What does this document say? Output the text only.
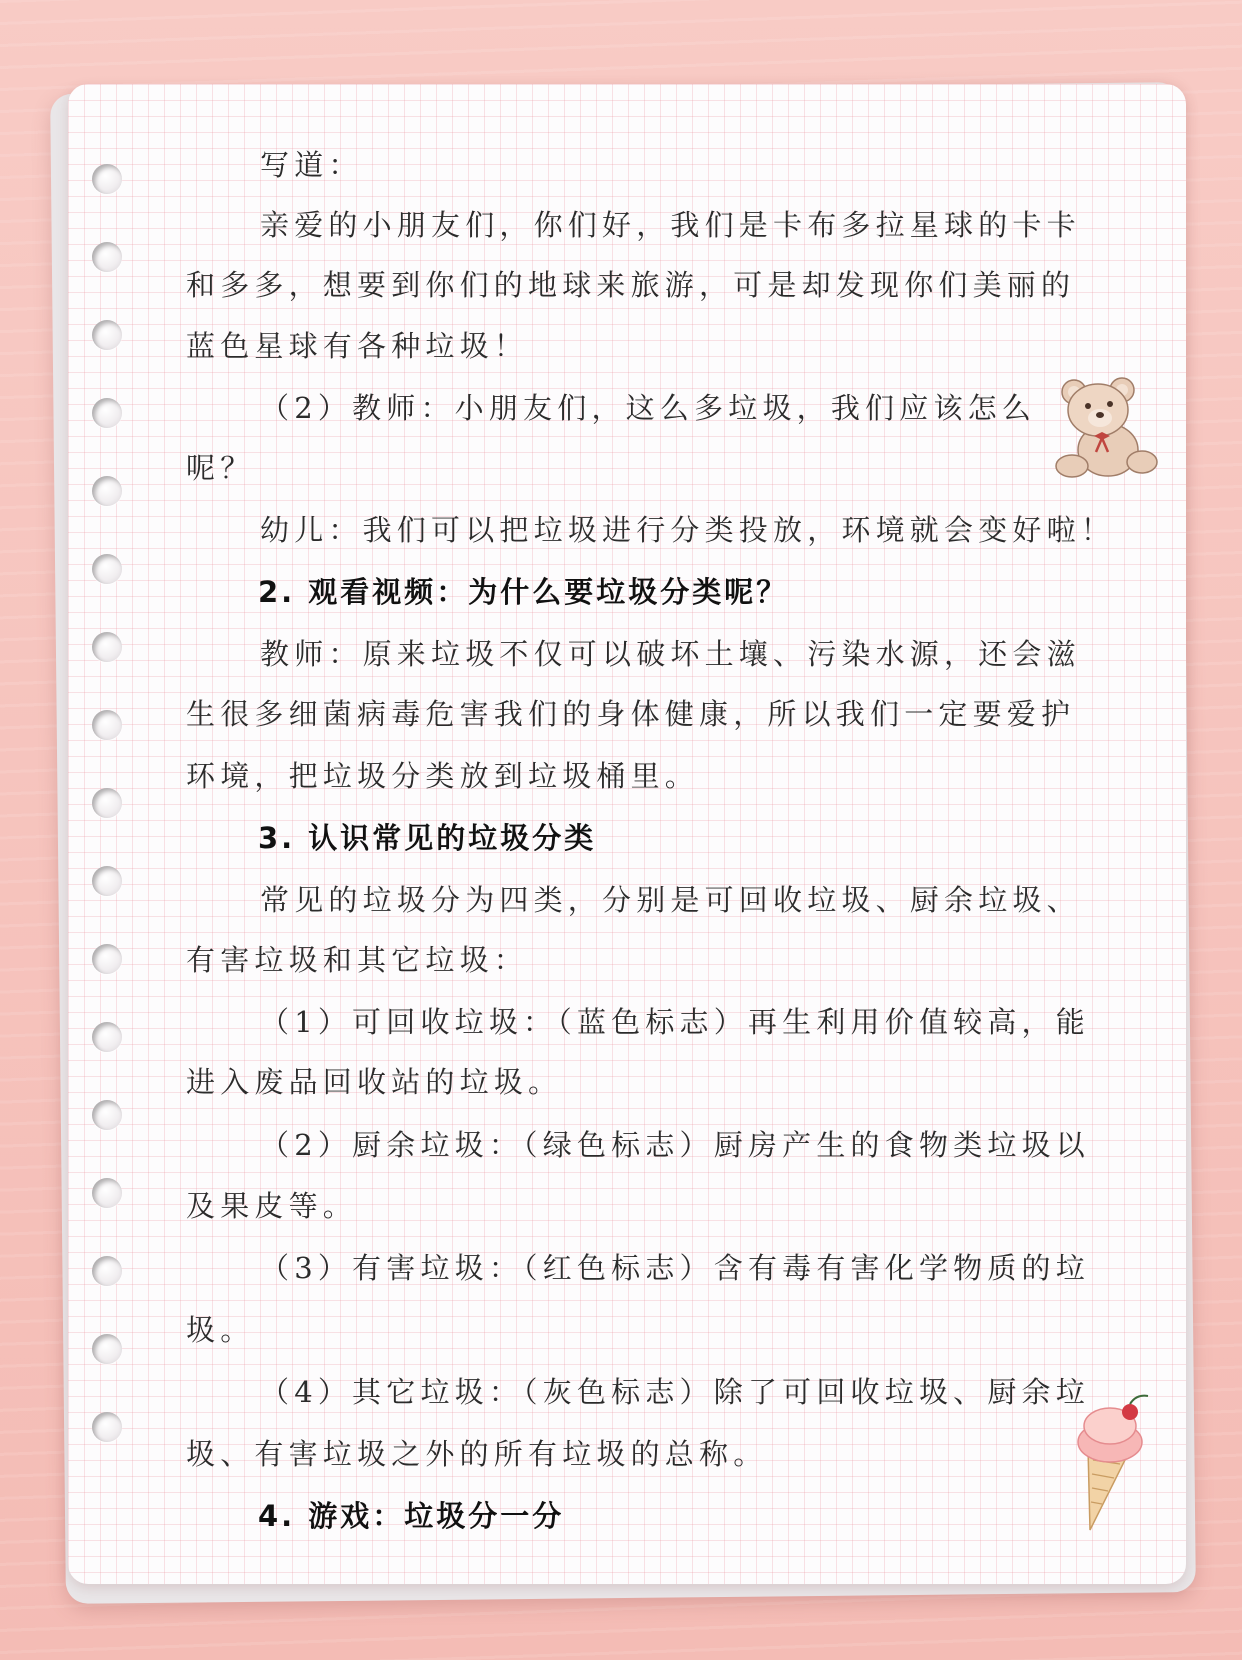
写道：
亲爱的小朋友们，你们好，我们是卡布多拉星球的卡卡
和多多，想要到你们的地球来旅游，可是却发现你们美丽的
蓝色星球有各种垃圾！
（2）教师：小朋友们，这么多垃圾，我们应该怎么
呢？
幼儿：我们可以把垃圾进行分类投放，环境就会变好啦！
2. 观看视频：为什么要垃圾分类呢？
教师：原来垃圾不仅可以破坏土壤、污染水源，还会滋
生很多细菌病毒危害我们的身体健康，所以我们一定要爱护
环境，把垃圾分类放到垃圾桶里。
3. 认识常见的垃圾分类
常见的垃圾分为四类，分别是可回收垃圾、厨余垃圾、
有害垃圾和其它垃圾：
（1）可回收垃圾：（蓝色标志）再生利用价值较高，能
进入废品回收站的垃圾。
（2）厨余垃圾：（绿色标志）厨房产生的食物类垃圾以
及果皮等。
（3）有害垃圾：（红色标志）含有毒有害化学物质的垃
圾。
（4）其它垃圾：（灰色标志）除了可回收垃圾、厨余垃
圾、有害垃圾之外的所有垃圾的总称。
4. 游戏：垃圾分一分
